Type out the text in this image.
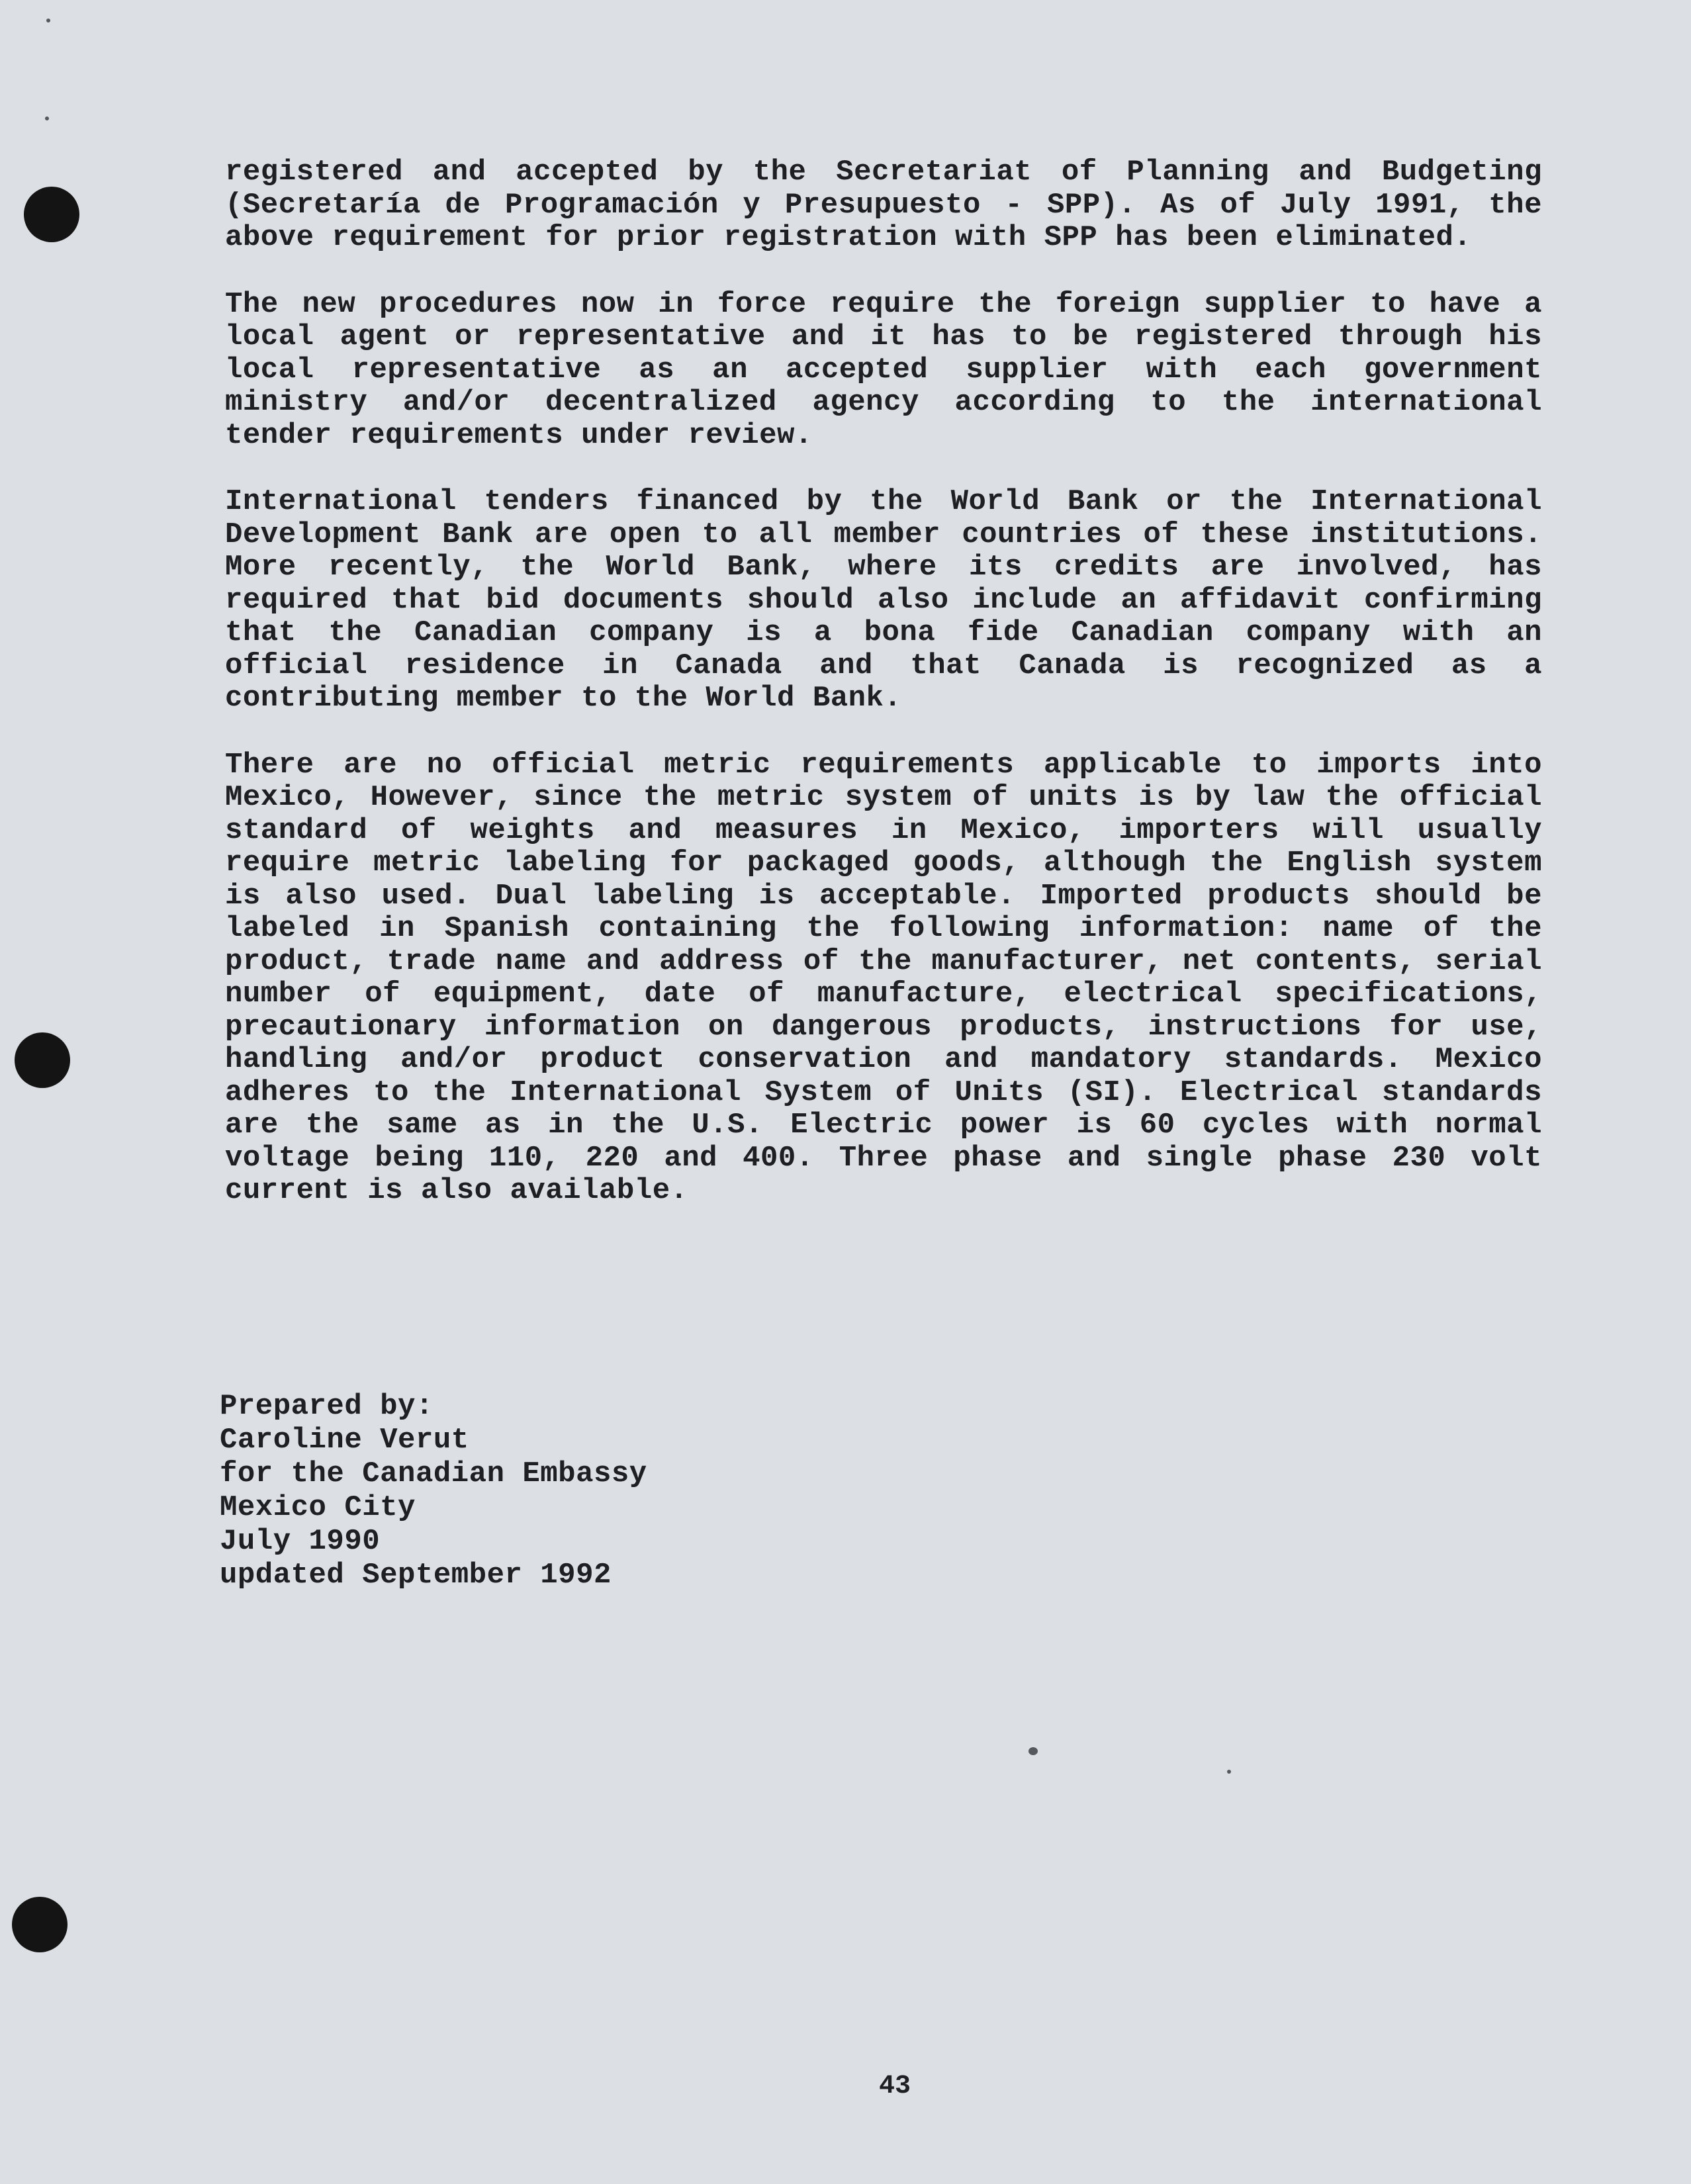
registered and accepted by the Secretariat of Planning and Budgeting (Secretaría de Programación y Presupuesto - SPP). As of July 1991, the above requirement for prior registration with SPP has been eliminated.

The new procedures now in force require the foreign supplier to have a local agent or representative and it has to be registered through his local representative as an accepted supplier with each government ministry and/or decentralized agency according to the international tender requirements under review.

International tenders financed by the World Bank or the International Development Bank are open to all member countries of these institutions. More recently, the World Bank, where its credits are involved, has required that bid documents should also include an affidavit confirming that the Canadian company is a bona fide Canadian company with an official residence in Canada and that Canada is recognized as a contributing member to the World Bank.

There are no official metric requirements applicable to imports into Mexico, However, since the metric system of units is by law the official standard of weights and measures in Mexico, importers will usually require metric labeling for packaged goods, although the English system is also used. Dual labeling is acceptable. Imported products should be labeled in Spanish containing the following information: name of the product, trade name and address of the manufacturer, net contents, serial number of equipment, date of manufacture, electrical specifications, precautionary information on dangerous products, instructions for use, handling and/or product conservation and mandatory standards. Mexico adheres to the International System of Units (SI). Electrical standards are the same as in the U.S. Electric power is 60 cycles with normal voltage being 110, 220 and 400. Three phase and single phase 230 volt current is also available.

Prepared by:
Caroline Verut
for the Canadian Embassy
Mexico City
July 1990
updated September 1992
43
